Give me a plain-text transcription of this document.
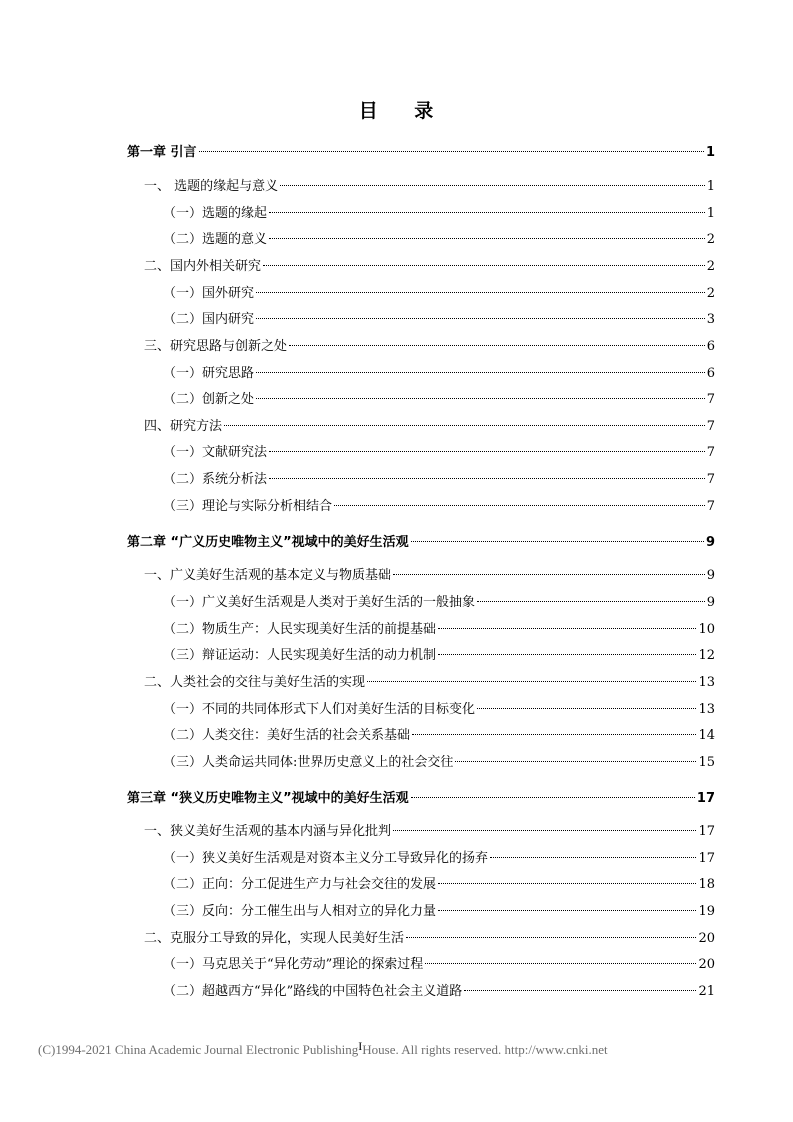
目 录
第一章 引言	1
一、 选题的缘起与意义	1
（一）选题的缘起	1
（二）选题的意义	2
二、国内外相关研究	2
（一）国外研究	2
（二）国内研究	3
三、研究思路与创新之处	6
（一）研究思路	6
（二）创新之处	7
四、研究方法	7
（一）文献研究法	7
（二）系统分析法	7
（三）理论与实际分析相结合	7
第二章 “广义历史唯物主义”视域中的美好生活观	9
一、广义美好生活观的基本定义与物质基础	9
（一）广义美好生活观是人类对于美好生活的一般抽象	9
（二）物质生产：人民实现美好生活的前提基础	10
（三）辩证运动：人民实现美好生活的动力机制	12
二、人类社会的交往与美好生活的实现	13
（一）不同的共同体形式下人们对美好生活的目标变化	13
（二）人类交往：美好生活的社会关系基础	14
（三）人类命运共同体:世界历史意义上的社会交往	15
第三章 “狭义历史唯物主义”视域中的美好生活观	17
一、狭义美好生活观的基本内涵与异化批判	17
（一）狭义美好生活观是对资本主义分工导致异化的扬弃	17
（二）正向：分工促进生产力与社会交往的发展	18
（三）反向：分工催生出与人相对立的异化力量	19
二、克服分工导致的异化，实现人民美好生活	20
（一）马克思关于“异化劳动”理论的探索过程	20
（二）超越西方“异化”路线的中国特色社会主义道路	21
(C)1994-2021 China Academic Journal Electronic PublishingIHouse. All rights reserved. http://www.cnki.net
